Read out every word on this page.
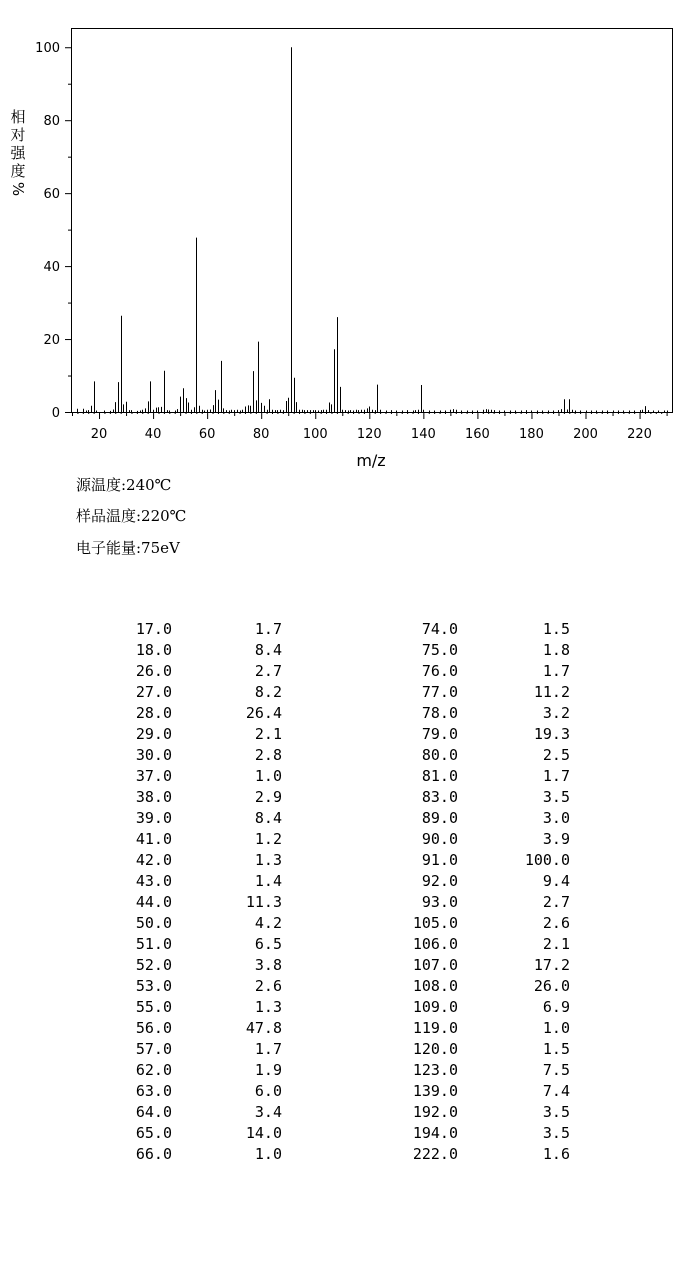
0
20
40
60
80
100
20	40	60	80	100 120 140 160 180 200 220
m/z
相
对
强
度
%
源温度:240℃
样品温度:220℃
电子能量:75eV
17.0	1.7
18.0	8.4
26.0	2.7
27.0	8.2
28.0	26.4
29.0	2.1
30.0	2.8
37.0	1.0
38.0	2.9
39.0	8.4
41.0	1.2
42.0	1.3
43.0	1.4
44.0	11.3
50.0	4.2
51.0	6.5
52.0	3.8
53.0	2.6
55.0	1.3
56.0	47.8
57.0	1.7
62.0	1.9
63.0	6.0
64.0	3.4
65.0	14.0
66.0	1.0
74.0	1.5
75.0	1.8
76.0	1.7
77.0	11.2
78.0	3.2
79.0	19.3
80.0	2.5
81.0	1.7
83.0	3.5
89.0	3.0
90.0	3.9
91.0	100.0
92.0	9.4
93.0	2.7
105.0	2.6
106.0	2.1
107.0	17.2
108.0	26.0
109.0	6.9
119.0	1.0
120.0	1.5
123.0	7.5
139.0	7.4
192.0	3.5
194.0	3.5
222.0	1.6
